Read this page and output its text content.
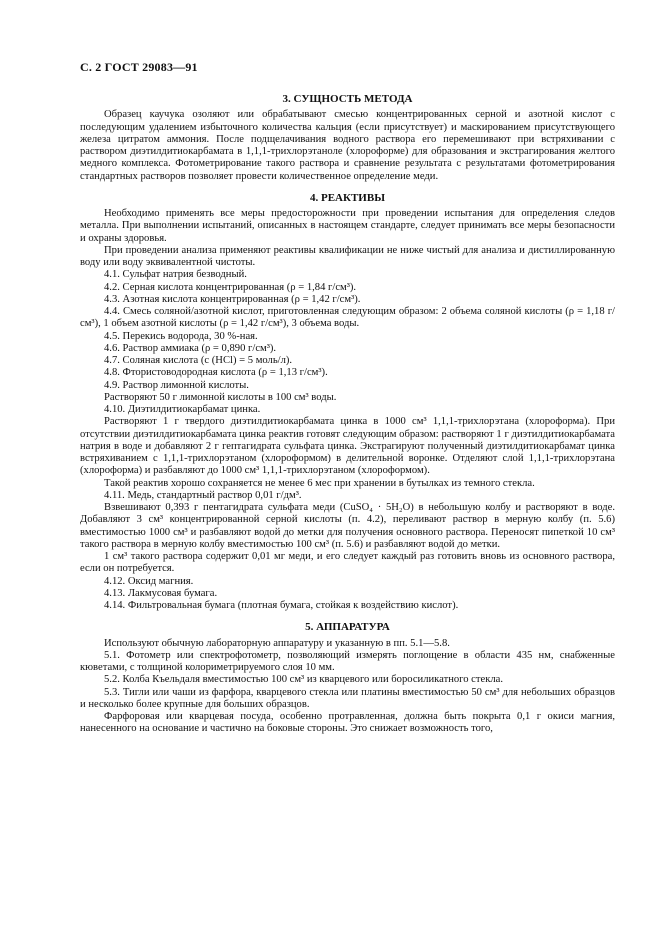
С. 2 ГОСТ 29083—91
3. СУЩНОСТЬ МЕТОДА

Образец каучука озоляют или обрабатывают смесью концентрированных серной и азотной кислот с последующим удалением избыточного количества кальция (если присутствует) и маскированием присутствующего железа цитратом аммония. После подщелачивания водного раствора его перемешивают при встряхивании с раствором диэтилдитиокарбамата в 1,1,1-трихлорэтаноле (хлороформе) для образования и экстрагирования желтого медного комплекса. Фотометрирование такого раствора и сравнение результата с результатами фотометрирования стандартных растворов позволяет провести количественное определение меди.

4. РЕАКТИВЫ

Необходимо применять все меры предосторожности при проведении испытания для определения следов металла. При выполнении испытаний, описанных в настоящем стандарте, следует принимать все меры безопасности и охраны здоровья.

При проведении анализа применяют реактивы квалификации не ниже чистый для анализа и дистиллированную воду или воду эквивалентной чистоты.

4.1. Сульфат натрия безводный.

4.2. Серная кислота концентрированная (ρ = 1,84 г/см³).

4.3. Азотная кислота концентрированная (ρ = 1,42 г/см³).

4.4. Смесь соляной/азотной кислот, приготовленная следующим образом: 2 объема соляной кислоты (ρ = 1,18 г/см³), 1 объем азотной кислоты (ρ = 1,42 г/см³), 3 объема воды.

4.5. Перекись водорода, 30 %-ная.

4.6. Раствор аммиака (ρ = 0,890 г/см³).

4.7. Соляная кислота (c (HCl) = 5 моль/л).

4.8. Фтористоводородная кислота (ρ = 1,13 г/см³).

4.9. Раствор лимонной кислоты.

Растворяют 50 г лимонной кислоты в 100 см³ воды.

4.10. Диэтилдитиокарбамат цинка.

Растворяют 1 г твердого диэтилдитиокарбамата цинка в 1000 см³ 1,1,1-трихлорэтана (хлороформа). При отсутствии диэтилдитиокарбамата цинка реактив готовят следующим образом: растворяют 1 г диэтилдитиокарбамата натрия в воде и добавляют 2 г гептагидрата сульфата цинка. Экстрагируют полученный диэтилдитиокарбамат цинка встряхиванием с 1,1,1-трихлорэтаном (хлороформом) в делительной воронке. Отделяют слой 1,1,1-трихлорэтана (хлороформа) и разбавляют до 1000 см³ 1,1,1-трихлорэтаном (хлороформом).

Такой реактив хорошо сохраняется не менее 6 мес при хранении в бутылках из темного стекла.

4.11. Медь, стандартный раствор 0,01 г/дм³.

Взвешивают 0,393 г пентагидрата сульфата меди (CuSO₄ · 5H₂O) в небольшую колбу и растворяют в воде. Добавляют 3 см³ концентрированной серной кислоты (п. 4.2), переливают раствор в мерную колбу (п. 5.6) вместимостью 1000 см³ и разбавляют водой до метки для получения основного раствора. Переносят пипеткой 10 см³ такого раствора в мерную колбу вместимостью 100 см³ (п. 5.6) и разбавляют водой до метки.

1 см³ такого раствора содержит 0,01 мг меди, и его следует каждый раз готовить вновь из основного раствора, если он потребуется.

4.12. Оксид магния.

4.13. Лакмусовая бумага.

4.14. Фильтровальная бумага (плотная бумага, стойкая к воздействию кислот).

5. АППАРАТУРА

Используют обычную лабораторную аппаратуру и указанную в пп. 5.1—5.8.

5.1. Фотометр или спектрофотометр, позволяющий измерять поглощение в области 435 нм, снабженные кюветами, с толщиной колориметрируемого слоя 10 мм.

5.2. Колба Къельдаля вместимостью 100 см³ из кварцевого или боросиликатного стекла.

5.3. Тигли или чаши из фарфора, кварцевого стекла или платины вместимостью 50 см³ для небольших образцов и несколько более крупные для больших образцов.

Фарфоровая или кварцевая посуда, особенно протравленная, должна быть покрыта 0,1 г окиси магния, нанесенного на основание и частично на боковые стороны. Это снижает возможность того,
